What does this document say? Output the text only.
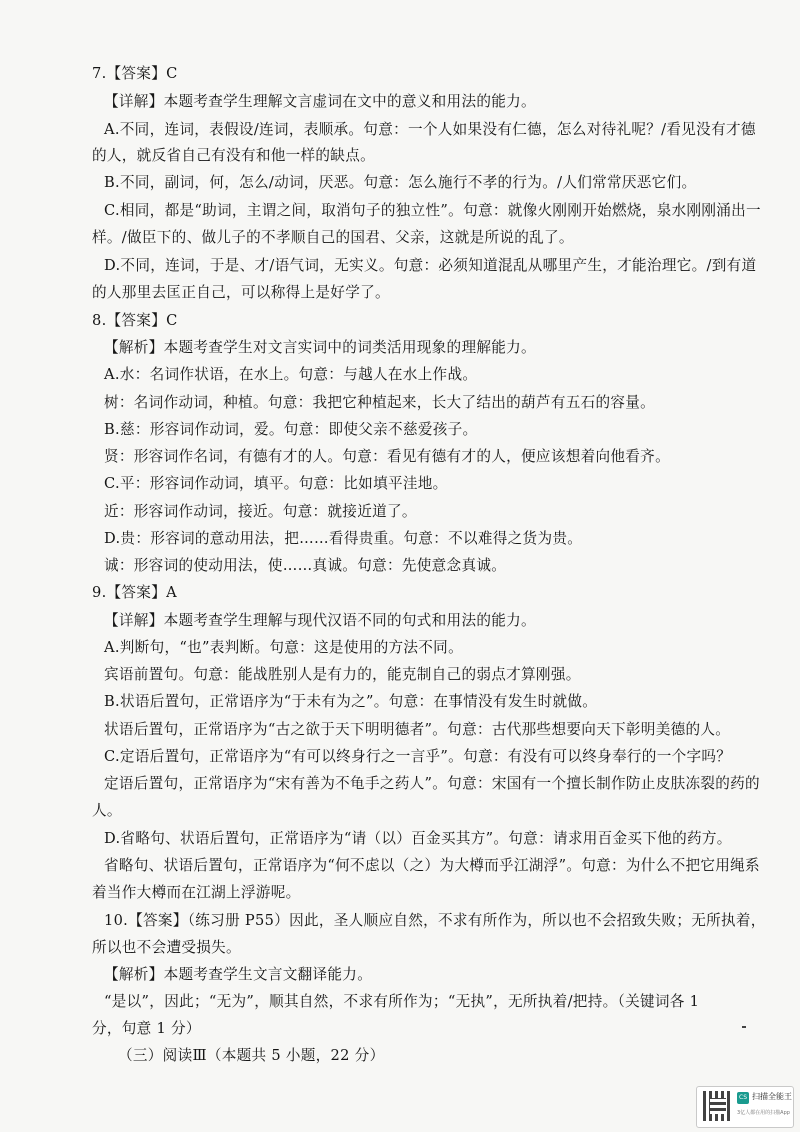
7.【答案】C
【详解】本题考查学生理解文言虚词在文中的意义和用法的能力。
A.不同，连词，表假设/连词，表顺承。句意：一个人如果没有仁德，怎么对待礼呢？/看见没有才德
的人，就反省自己有没有和他一样的缺点。
B.不同，副词，何，怎么/动词，厌恶。句意：怎么施行不孝的行为。/人们常常厌恶它们。
C.相同，都是“助词，主谓之间，取消句子的独立性”。句意：就像火刚刚开始燃烧，泉水刚刚涌出一
样。/做臣下的、做儿子的不孝顺自己的国君、父亲，这就是所说的乱了。
D.不同，连词，于是、才/语气词，无实义。句意：必须知道混乱从哪里产生，才能治理它。/到有道
的人那里去匡正自己，可以称得上是好学了。
8.【答案】C
【解析】本题考查学生对文言实词中的词类活用现象的理解能力。
A.水：名词作状语，在水上。句意：与越人在水上作战。
树：名词作动词，种植。句意：我把它种植起来，长大了结出的葫芦有五石的容量。
B.慈：形容词作动词，爱。句意：即使父亲不慈爱孩子。
贤：形容词作名词，有德有才的人。句意：看见有德有才的人，便应该想着向他看齐。
C.平：形容词作动词，填平。句意：比如填平洼地。
近：形容词作动词，接近。句意：就接近道了。
D.贵：形容词的意动用法，把……看得贵重。句意：不以难得之货为贵。
诚：形容词的使动用法，使……真诚。句意：先使意念真诚。
9.【答案】A
【详解】本题考查学生理解与现代汉语不同的句式和用法的能力。
A.判断句，“也”表判断。句意：这是使用的方法不同。
宾语前置句。句意：能战胜别人是有力的，能克制自己的弱点才算刚强。
B.状语后置句，正常语序为“于未有为之”。句意：在事情没有发生时就做。
状语后置句，正常语序为“古之欲于天下明明德者”。句意：古代那些想要向天下彰明美德的人。
C.定语后置句，正常语序为“有可以终身行之一言乎”。句意：有没有可以终身奉行的一个字吗？
定语后置句，正常语序为“宋有善为不龟手之药人”。句意：宋国有一个擅长制作防止皮肤冻裂的药的
人。
D.省略句、状语后置句，正常语序为“请（以）百金买其方”。句意：请求用百金买下他的药方。
省略句、状语后置句，正常语序为“何不虑以（之）为大樽而乎江湖浮”。句意：为什么不把它用绳系
着当作大樽而在江湖上浮游呢。
10.【答案】（练习册 P55）因此，圣人顺应自然，不求有所作为，所以也不会招致失败；无所执着，
所以也不会遭受损失。
【解析】本题考查学生文言文翻译能力。
“是以”，因此；“无为”，顺其自然，不求有所作为；“无执”，无所执着/把持。（关键词各 1
分，句意 1 分）
（三）阅读Ⅲ（本题共 5 小题，22 分）
CS 扫描全能王
3亿人都在用的扫描App
